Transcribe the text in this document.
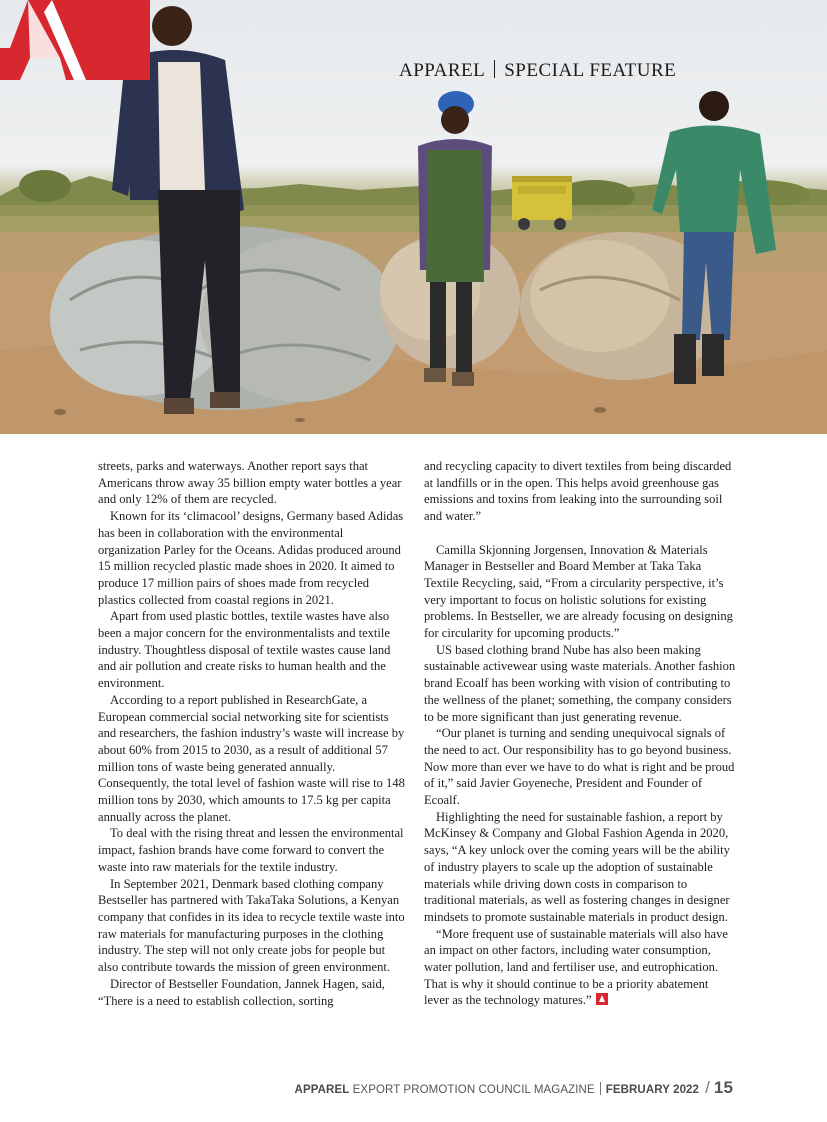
APPAREL SPECIAL FEATURE

streets, parks and waterways. Another report says that Americans throw away 35 billion empty water bottles a year and only 12% of them are recycled.

Known for its ‘climacool’ designs, Germany based Adidas has been in collaboration with the environmental organization Parley for the Oceans. Adidas produced around 15 million recycled plastic made shoes in 2020. It aimed to produce 17 million pairs of shoes made from recycled plastics collected from coastal regions in 2021.

Apart from used plastic bottles, textile wastes have also been a major concern for the environmentalists and textile industry. Thoughtless disposal of textile wastes cause land and air pollution and create risks to human health and the environment.

According to a report published in ResearchGate, a European commercial social networking site for scientists and researchers, the fashion industry’s waste will increase by about 60% from 2015 to 2030, as a result of additional 57 million tons of waste being generated annually. Consequently, the total level of fashion waste will rise to 148 million tons by 2030, which amounts to 17.5 kg per capita annually across the planet.

To deal with the rising threat and lessen the environmental impact, fashion brands have come forward to convert the waste into raw materials for the textile industry.

In September 2021, Denmark based clothing company Bestseller has partnered with TakaTaka Solutions, a Kenyan company that confides in its idea to recycle textile waste into raw materials for manufacturing purposes in the clothing industry. The step will not only create jobs for people but also contribute towards the mission of green environment.

Director of Bestseller Foundation, Jannek Hagen, said, “There is a need to establish collection, sorting

and recycling capacity to divert textiles from being discarded at landfills or in the open. This helps avoid greenhouse gas emissions and toxins from leaking into the surrounding soil and water.”

Camilla Skjonning Jorgensen, Innovation & Materials Manager in Bestseller and Board Member at Taka Taka Textile Recycling, said, “From a circularity perspective, it’s very important to focus on holistic solutions for existing problems. In Bestseller, we are already focusing on designing for circularity for upcoming products.”

US based clothing brand Nube has also been making sustainable activewear using waste materials. Another fashion brand Ecoalf has been working with vision of contributing to the wellness of the planet; something, the company considers to be more significant than just generating revenue.

“Our planet is turning and sending unequivocal signals of the need to act. Our responsibility has to go beyond business. Now more than ever we have to do what is right and be proud of it,” said Javier Goyeneche, President and Founder of Ecoalf.

Highlighting the need for sustainable fashion, a report by McKinsey & Company and Global Fashion Agenda in 2020, says, “A key unlock over the coming years will be the ability of industry players to scale up the adoption of sustainable materials while driving down costs in comparison to traditional materials, as well as fostering changes in designer mindsets to promote sustainable materials in product design.

“More frequent use of sustainable materials will also have an impact on other factors, including water consumption, water pollution, land and fertiliser use, and eutrophication. That is why it should continue to be a priority abatement lever as the technology matures.”

APPAREL EXPORT PROMOTION COUNCIL MAGAZINE FEBRUARY 2022 / 15
